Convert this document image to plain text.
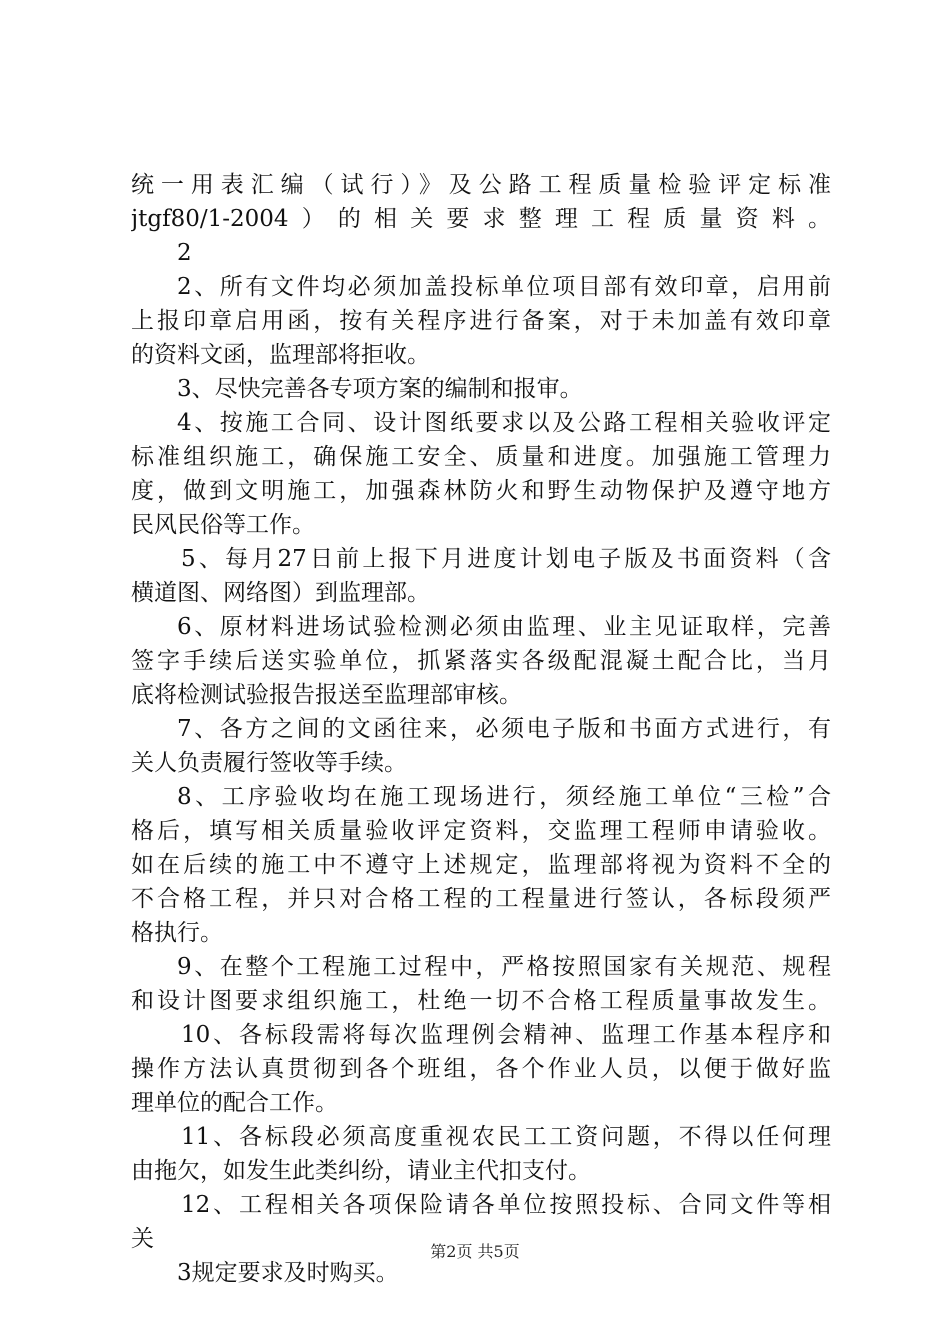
统一用表汇编（试行）》及公路工程质量检验评定标准
jtgf80/1-2004）的相关要求整理工程质量资料。
2
2、所有文件均必须加盖投标单位项目部有效印章，启用前
上报印章启用函，按有关程序进行备案，对于未加盖有效印章
的资料文函，监理部将拒收。
3、尽快完善各专项方案的编制和报审。
4、按施工合同、设计图纸要求以及公路工程相关验收评定
标准组织施工，确保施工安全、质量和进度。加强施工管理力
度，做到文明施工，加强森林防火和野生动物保护及遵守地方
民风民俗等工作。
5、每月27日前上报下月进度计划电子版及书面资料（含
横道图、网络图）到监理部。
6、原材料进场试验检测必须由监理、业主见证取样，完善
签字手续后送实验单位，抓紧落实各级配混凝土配合比，当月
底将检测试验报告报送至监理部审核。
7、各方之间的文函往来，必须电子版和书面方式进行，有
关人负责履行签收等手续。
8、工序验收均在施工现场进行，须经施工单位“三检”合
格后，填写相关质量验收评定资料，交监理工程师申请验收。
如在后续的施工中不遵守上述规定，监理部将视为资料不全的
不合格工程，并只对合格工程的工程量进行签认，各标段须严
格执行。
9、在整个工程施工过程中，严格按照国家有关规范、规程
和设计图要求组织施工，杜绝一切不合格工程质量事故发生。
10、各标段需将每次监理例会精神、监理工作基本程序和
操作方法认真贯彻到各个班组，各个作业人员，以便于做好监
理单位的配合工作。
11、各标段必须高度重视农民工工资问题，不得以任何理
由拖欠，如发生此类纠纷，请业主代扣支付。
12、工程相关各项保险请各单位按照投标、合同文件等相
关
3规定要求及时购买。
第2页 共5页
